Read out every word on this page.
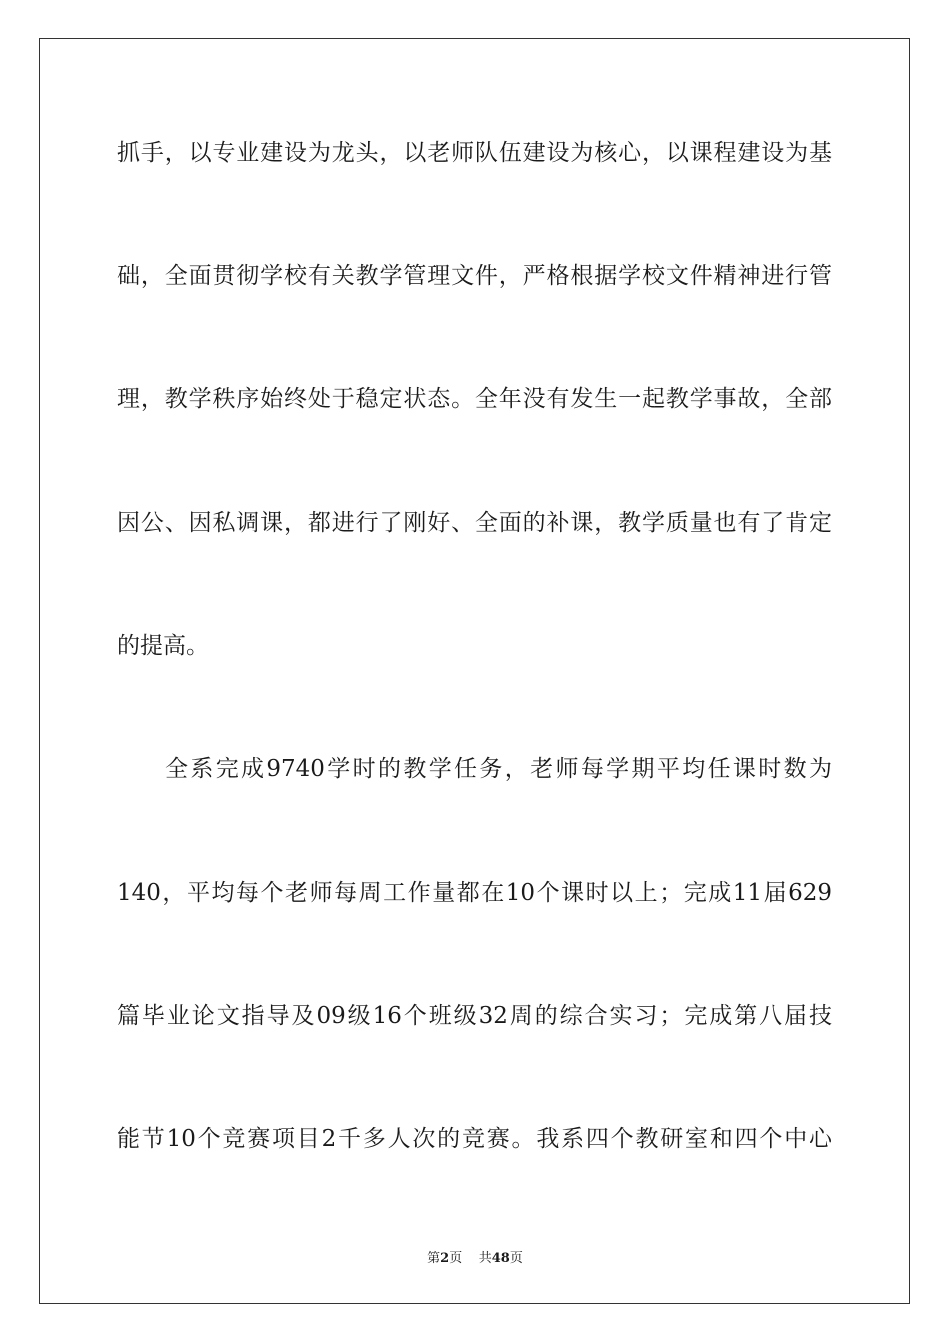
抓手，以专业建设为龙头，以老师队伍建设为核心，以课程建设为基
础，全面贯彻学校有关教学管理文件，严格根据学校文件精神进行管
理，教学秩序始终处于稳定状态。全年没有发生一起教学事故，全部
因公、因私调课，都进行了刚好、全面的补课，教学质量也有了肯定
的提高。
全系完成9740学时的教学任务，老师每学期平均任课时数为
140，平均每个老师每周工作量都在10个课时以上；完成11届629
篇毕业论文指导及09级16个班级32周的综合实习；完成第八届技
能节10个竞赛项目2千多人次的竞赛。我系四个教研室和四个中心
第2页 共48页
